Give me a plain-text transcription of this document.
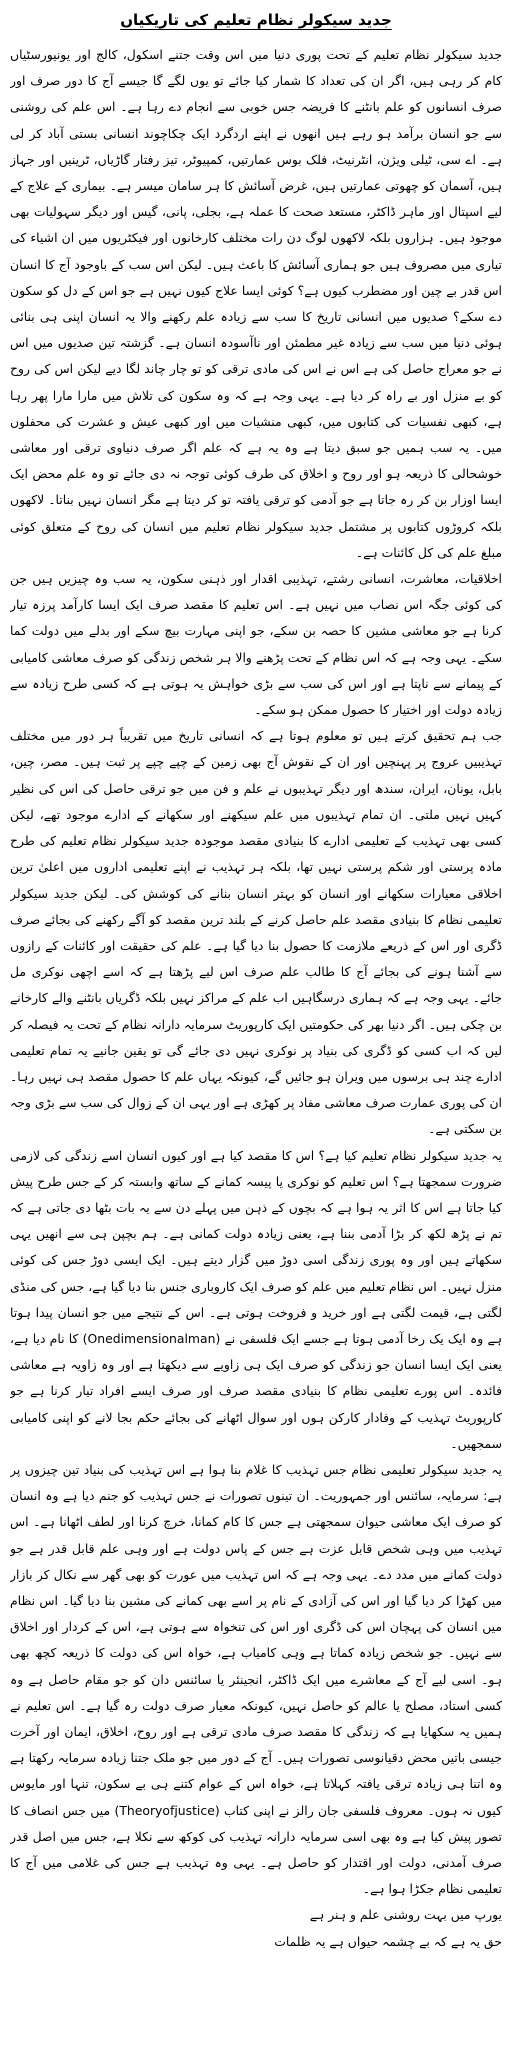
جدید سیکولر نظام تعلیم کی تاریکیاں

جدید سیکولر نظام تعلیم کے تحت پوری دنیا میں اس وقت جتنے اسکول، کالج اور یونیورسٹیاں کام کر رہی ہیں، اگر ان کی تعداد کا شمار کیا جائے تو یوں لگے گا جیسے آج کا دور صرف اور صرف انسانوں کو علم بانٹنے کا فریضہ جس خوبی سے انجام دے رہا ہے۔ اس علم کی روشنی سے جو انسان برآمد ہو رہے ہیں انھوں نے اپنے اردگرد ایک چکاچوند انسانی بستی آباد کر لی ہے۔ اے سی، ٹیلی ویژن، انٹرنیٹ، فلک بوس عمارتیں، کمپیوٹر، تیز رفتار گاڑیاں، ٹرینیں اور جہاز ہیں، آسمان کو چھوتی عمارتیں ہیں، غرض آسائش کا ہر سامان میسر ہے۔ بیماری کے علاج کے لیے اسپتال اور ماہر ڈاکٹر، مستعد صحت کا عملہ ہے، بجلی، پانی، گیس اور دیگر سہولیات بھی موجود ہیں۔ ہزاروں بلکہ لاکھوں لوگ دن رات مختلف کارخانوں اور فیکٹریوں میں ان اشیاء کی تیاری میں مصروف ہیں جو ہماری آسائش کا باعث ہیں۔ لیکن اس سب کے باوجود آج کا انسان اس قدر بے چین اور مضطرب کیوں ہے؟ کوئی ایسا علاج کیوں نہیں ہے جو اس کے دل کو سکون دے سکے؟ صدیوں میں انسانی تاریخ کا سب سے زیادہ علم رکھنے والا یہ انسان اپنی ہی بنائی ہوئی دنیا میں سب سے زیادہ غیر مطمئن اور ناآسودہ انسان ہے۔ گزشتہ تین صدیوں میں اس نے جو معراج حاصل کی ہے اس نے اس کی مادی ترقی کو تو چار چاند لگا دیے لیکن اس کی روح کو بے منزل اور بے راہ کر دیا ہے۔ یہی وجہ ہے کہ وہ سکون کی تلاش میں مارا مارا پھر رہا ہے، کبھی نفسیات کی کتابوں میں، کبھی منشیات میں اور کبھی عیش و عشرت کی محفلوں میں۔ یہ سب ہمیں جو سبق دیتا ہے وہ یہ ہے کہ علم اگر صرف دنیاوی ترقی اور معاشی خوشحالی کا ذریعہ ہو اور روح و اخلاق کی طرف کوئی توجہ نہ دی جائے تو وہ علم محض ایک ایسا اوزار بن کر رہ جاتا ہے جو آدمی کو ترقی یافتہ تو کر دیتا ہے مگر انسان نہیں بناتا۔ لاکھوں بلکہ کروڑوں کتابوں پر مشتمل جدید سیکولر نظام تعلیم میں انسان کی روح کے متعلق کوئی مبلغ علم کی کل کائنات ہے۔

اخلاقیات، معاشرت، انسانی رشتے، تہذیبی اقدار اور ذہنی سکون، یہ سب وہ چیزیں ہیں جن کی کوئی جگہ اس نصاب میں نہیں ہے۔ اس تعلیم کا مقصد صرف ایک ایسا کارآمد پرزہ تیار کرنا ہے جو معاشی مشین کا حصہ بن سکے، جو اپنی مہارت بیچ سکے اور بدلے میں دولت کما سکے۔ یہی وجہ ہے کہ اس نظام کے تحت پڑھنے والا ہر شخص زندگی کو صرف معاشی کامیابی کے پیمانے سے ناپتا ہے اور اس کی سب سے بڑی خواہش یہ ہوتی ہے کہ کسی طرح زیادہ سے زیادہ دولت اور اختیار کا حصول ممکن ہو سکے۔

جب ہم تحقیق کرتے ہیں تو معلوم ہوتا ہے کہ انسانی تاریخ میں تقریباً ہر دور میں مختلف تہذیبیں عروج پر پہنچیں اور ان کے نقوش آج بھی زمین کے چپے چپے پر ثبت ہیں۔ مصر، چین، بابل، یونان، ایران، سندھ اور دیگر تہذیبوں نے علم و فن میں جو ترقی حاصل کی اس کی نظیر کہیں نہیں ملتی۔ ان تمام تہذیبوں میں علم سیکھنے اور سکھانے کے ادارے موجود تھے، لیکن کسی بھی تہذیب کے تعلیمی ادارے کا بنیادی مقصد موجودہ جدید سیکولر نظام تعلیم کی طرح مادہ پرستی اور شکم پرستی نہیں تھا، بلکہ ہر تہذیب نے اپنے تعلیمی اداروں میں اعلیٰ ترین اخلاقی معیارات سکھانے اور انسان کو بہتر انسان بنانے کی کوشش کی۔ لیکن جدید سیکولر تعلیمی نظام کا بنیادی مقصد علم حاصل کرنے کے بلند ترین مقصد کو آگے رکھنے کی بجائے صرف ڈگری اور اس کے ذریعے ملازمت کا حصول بنا دیا گیا ہے۔ علم کی حقیقت اور کائنات کے رازوں سے آشنا ہونے کی بجائے آج کا طالب علم صرف اس لیے پڑھتا ہے کہ اسے اچھی نوکری مل جائے۔ یہی وجہ ہے کہ ہماری درسگاہیں اب علم کے مراکز نہیں بلکہ ڈگریاں بانٹنے والے کارخانے بن چکی ہیں۔ اگر دنیا بھر کی حکومتیں ایک کارپوریٹ سرمایہ دارانہ نظام کے تحت یہ فیصلہ کر لیں کہ اب کسی کو ڈگری کی بنیاد پر نوکری نہیں دی جائے گی تو یقین جانیے یہ تمام تعلیمی ادارے چند ہی برسوں میں ویران ہو جائیں گے، کیونکہ یہاں علم کا حصول مقصد ہی نہیں رہا۔ ان کی پوری عمارت صرف معاشی مفاد پر کھڑی ہے اور یہی ان کے زوال کی سب سے بڑی وجہ بن سکتی ہے۔

یہ جدید سیکولر نظام تعلیم کیا ہے؟ اس کا مقصد کیا ہے اور کیوں انسان اسے زندگی کی لازمی ضرورت سمجھتا ہے؟ اس تعلیم کو نوکری یا پیسہ کمانے کے ساتھ وابستہ کر کے جس طرح پیش کیا جاتا ہے اس کا اثر یہ ہوا ہے کہ بچوں کے ذہن میں پہلے دن سے یہ بات بٹھا دی جاتی ہے کہ تم نے پڑھ لکھ کر بڑا آدمی بننا ہے، یعنی زیادہ دولت کمانی ہے۔ ہم بچپن ہی سے انھیں یہی سکھاتے ہیں اور وہ پوری زندگی اسی دوڑ میں گزار دیتے ہیں۔ ایک ایسی دوڑ جس کی کوئی منزل نہیں۔ اس نظام تعلیم میں علم کو صرف ایک کاروباری جنس بنا دیا گیا ہے، جس کی منڈی لگتی ہے، قیمت لگتی ہے اور خرید و فروخت ہوتی ہے۔ اس کے نتیجے میں جو انسان پیدا ہوتا ہے وہ ایک یک رخا آدمی ہوتا ہے جسے ایک فلسفی نے (Onedimensionalman) کا نام دیا ہے، یعنی ایک ایسا انسان جو زندگی کو صرف ایک ہی زاویے سے دیکھتا ہے اور وہ زاویہ ہے معاشی فائدہ۔ اس پورے تعلیمی نظام کا بنیادی مقصد صرف اور صرف ایسے افراد تیار کرنا ہے جو کارپوریٹ تہذیب کے وفادار کارکن ہوں اور سوال اٹھانے کی بجائے حکم بجا لانے کو اپنی کامیابی سمجھیں۔

یہ جدید سیکولر تعلیمی نظام جس تہذیب کا غلام بنا ہوا ہے اس تہذیب کی بنیاد تین چیزوں پر ہے: سرمایہ، سائنس اور جمہوریت۔ ان تینوں تصورات نے جس تہذیب کو جنم دیا ہے وہ انسان کو صرف ایک معاشی حیوان سمجھتی ہے جس کا کام کمانا، خرچ کرنا اور لطف اٹھانا ہے۔ اس تہذیب میں وہی شخص قابل عزت ہے جس کے پاس دولت ہے اور وہی علم قابل قدر ہے جو دولت کمانے میں مدد دے۔ یہی وجہ ہے کہ اس تہذیب میں عورت کو بھی گھر سے نکال کر بازار میں کھڑا کر دیا گیا اور اس کی آزادی کے نام پر اسے بھی کمانے کی مشین بنا دیا گیا۔ اس نظام میں انسان کی پہچان اس کی ڈگری اور اس کی تنخواہ سے ہوتی ہے، اس کے کردار اور اخلاق سے نہیں۔ جو شخص زیادہ کماتا ہے وہی کامیاب ہے، خواہ اس کی دولت کا ذریعہ کچھ بھی ہو۔ اسی لیے آج کے معاشرے میں ایک ڈاکٹر، انجینئر یا سائنس دان کو جو مقام حاصل ہے وہ کسی استاد، مصلح یا عالم کو حاصل نہیں، کیونکہ معیار صرف دولت رہ گیا ہے۔ اس تعلیم نے ہمیں یہ سکھایا ہے کہ زندگی کا مقصد صرف مادی ترقی ہے اور روح، اخلاق، ایمان اور آخرت جیسی باتیں محض دقیانوسی تصورات ہیں۔ آج کے دور میں جو ملک جتنا زیادہ سرمایہ رکھتا ہے وہ اتنا ہی زیادہ ترقی یافتہ کہلاتا ہے، خواہ اس کے عوام کتنے ہی بے سکون، تنہا اور مایوس کیوں نہ ہوں۔ معروف فلسفی جان رالز نے اپنی کتاب (Theoryofjustice) میں جس انصاف کا تصور پیش کیا ہے وہ بھی اسی سرمایہ دارانہ تہذیب کی کوکھ سے نکلا ہے، جس میں اصل قدر صرف آمدنی، دولت اور اقتدار کو حاصل ہے۔ یہی وہ تہذیب ہے جس کی غلامی میں آج کا تعلیمی نظام جکڑا ہوا ہے۔

یورپ میں بہت روشنی علم و ہنر ہے

حق یہ ہے کہ بے چشمہ حیواں ہے یہ ظلمات
